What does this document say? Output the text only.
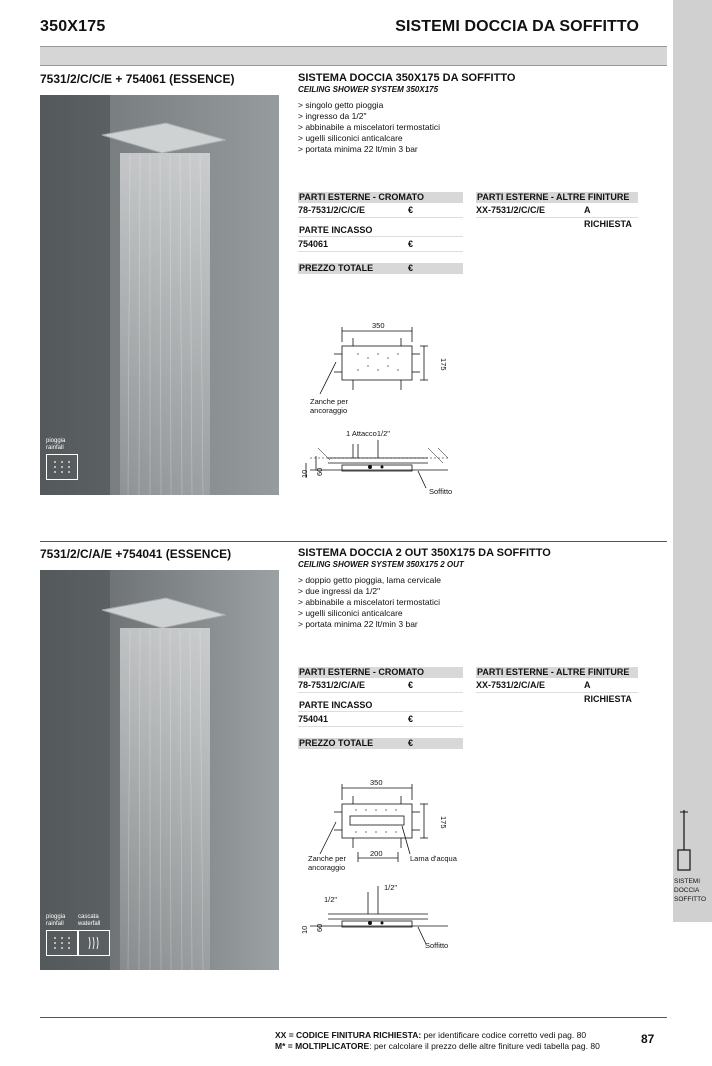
SISTEMI
DOCCIA
SOFFITTO
350X175	SISTEMI DOCCIA DA SOFFITTO
7531/2/C/C/E + 754061 (ESSENCE)
pioggia
rainfall
SISTEMA DOCCIA 350X175 DA SOFFITTO
CEILING SHOWER SYSTEM 350X175
> singolo getto pioggia
> ingresso da 1/2"
> abbinabile a miscelatori termostatici
> ugelli siliconici anticalcare
> portata minima 22 lt/min 3 bar
PARTI ESTERNE - CROMATO
78-7531/2/C/C/E	€
PARTE INCASSO
754061	€
PREZZO TOTALE	€
PARTI ESTERNE - ALTRE FINITURE
XX-7531/2/C/C/E	A RICHIESTA
350
175
Zanche per
ancoraggio
1 Attacco1/2"
10 60
Soffitto
7531/2/C/A/E +754041 (ESSENCE)
pioggia
rainfall
cascata
waterfall
SISTEMA DOCCIA 2 OUT 350X175 DA SOFFITTO
CEILING SHOWER SYSTEM 350X175 2 OUT
> doppio getto pioggia, lama cervicale
> due ingressi da 1/2"
> abbinabile a miscelatori termostatici
> ugelli siliconici anticalcare
> portata minima 22 lt/min 3 bar
PARTI ESTERNE - CROMATO
78-7531/2/C/A/E	€
PARTE INCASSO
754041	€
PREZZO TOTALE	€
PARTI ESTERNE - ALTRE FINITURE
XX-7531/2/C/A/E	A RICHIESTA
350
175
200
Zanche per
ancoraggio
Lama d'acqua
1/2"
1/2"
10 60
Soffitto
XX = CODICE FINITURA RICHIESTA: per identificare codice corretto vedi pag. 80
M* = MOLTIPLICATORE: per calcolare il prezzo delle altre finiture vedi tabella pag. 80	87
